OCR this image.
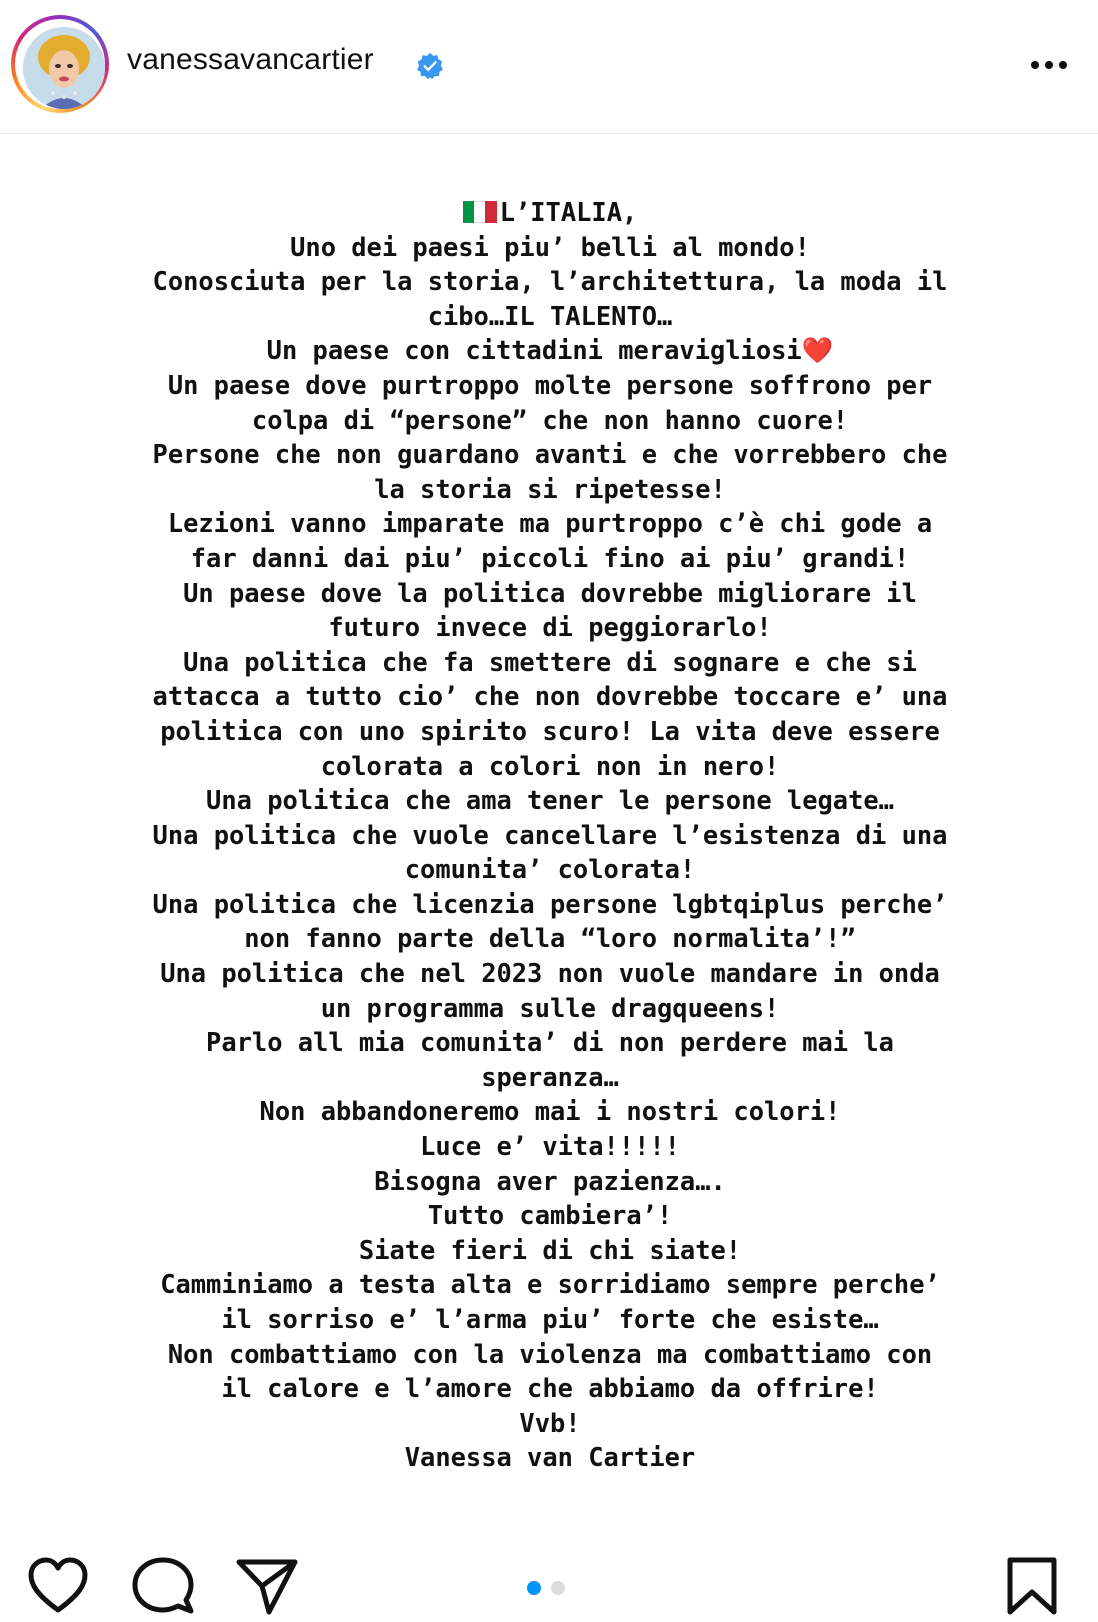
vanessavancartier
L’ITALIA,
Uno dei paesi piu’ belli al mondo!
Conosciuta per la storia, l’architettura, la moda il
cibo…IL TALENTO…
Un paese con cittadini meravigliosi❤️
Un paese dove purtroppo molte persone soffrono per
colpa di “persone” che non hanno cuore!
Persone che non guardano avanti e che vorrebbero che
la storia si ripetesse!
Lezioni vanno imparate ma purtroppo c’è chi gode a
far danni dai piu’ piccoli fino ai piu’ grandi!
Un paese dove la politica dovrebbe migliorare il
futuro invece di peggiorarlo!
Una politica che fa smettere di sognare e che si
attacca a tutto cio’ che non dovrebbe toccare e’ una
politica con uno spirito scuro! La vita deve essere
colorata a colori non in nero!
Una politica che ama tener le persone legate…
Una politica che vuole cancellare l’esistenza di una
comunita’ colorata!
Una politica che licenzia persone lgbtqiplus perche’
non fanno parte della “loro normalita’!”
Una politica che nel 2023 non vuole mandare in onda
un programma sulle dragqueens!
Parlo all mia comunita’ di non perdere mai la
speranza…
Non abbandoneremo mai i nostri colori!
Luce e’ vita!!!!!
Bisogna aver pazienza….
Tutto cambiera’!
Siate fieri di chi siate!
Camminiamo a testa alta e sorridiamo sempre perche’
il sorriso e’ l’arma piu’ forte che esiste…
Non combattiamo con la violenza ma combattiamo con
il calore e l’amore che abbiamo da offrire!
Vvb!
Vanessa van Cartier
